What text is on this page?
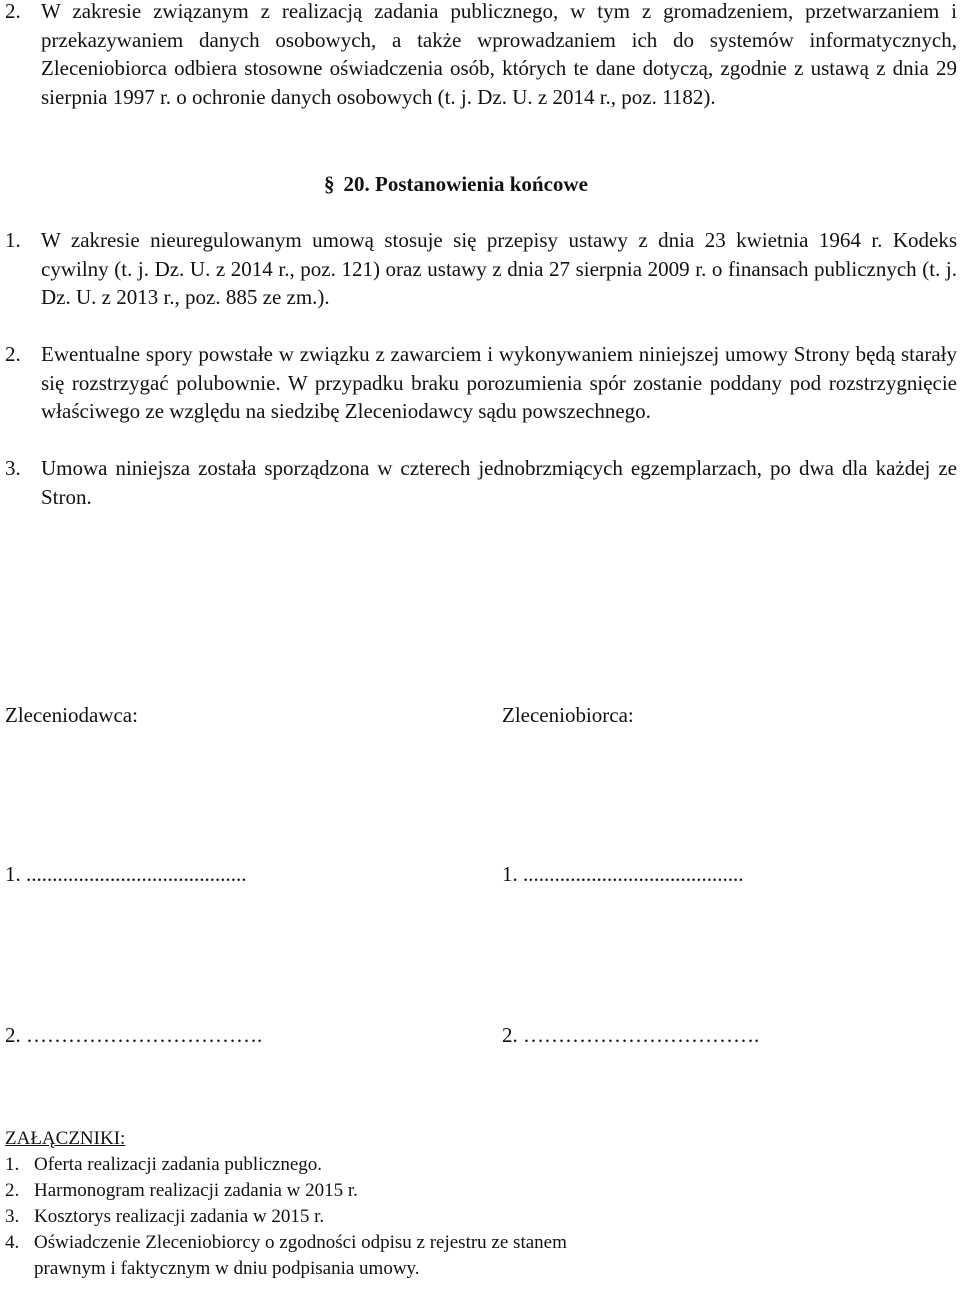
2. W zakresie związanym z realizacją zadania publicznego, w tym z gromadzeniem, przetwarzaniem i przekazywaniem danych osobowych, a także wprowadzaniem ich do systemów informatycznych, Zleceniobiorca odbiera stosowne oświadczenia osób, których te dane dotyczą, zgodnie z ustawą z dnia 29 sierpnia 1997 r. o ochronie danych osobowych (t. j. Dz. U. z 2014 r., poz. 1182).
§ 20. Postanowienia końcowe
1. W zakresie nieuregulowanym umową stosuje się przepisy ustawy z dnia 23 kwietnia 1964 r. Kodeks cywilny (t. j. Dz. U. z 2014 r., poz. 121) oraz ustawy z dnia 27 sierpnia 2009 r. o finansach publicznych (t. j. Dz. U. z 2013 r., poz. 885 ze zm.).
2. Ewentualne spory powstałe w związku z zawarciem i wykonywaniem niniejszej umowy Strony będą starały się rozstrzygać polubownie. W przypadku braku porozumienia spór zostanie poddany pod rozstrzygnięcie właściwego ze względu na siedzibę Zleceniodawcy sądu powszechnego.
3. Umowa niniejsza została sporządzona w czterech jednobrzmiących egzemplarzach, po dwa dla każdej ze Stron.
Zleceniodawca:	Zleceniobiorca:
1. ..........................................	1. ..........................................
2. …………………………….	2. …………………………….
ZAŁĄCZNIKI:
1. Oferta realizacji zadania publicznego.
2. Harmonogram realizacji zadania w 2015 r.
3. Kosztorys realizacji zadania w 2015 r.
4. Oświadczenie Zleceniobiorcy o zgodności odpisu z rejestru ze stanem prawnym i faktycznym w dniu podpisania umowy.
